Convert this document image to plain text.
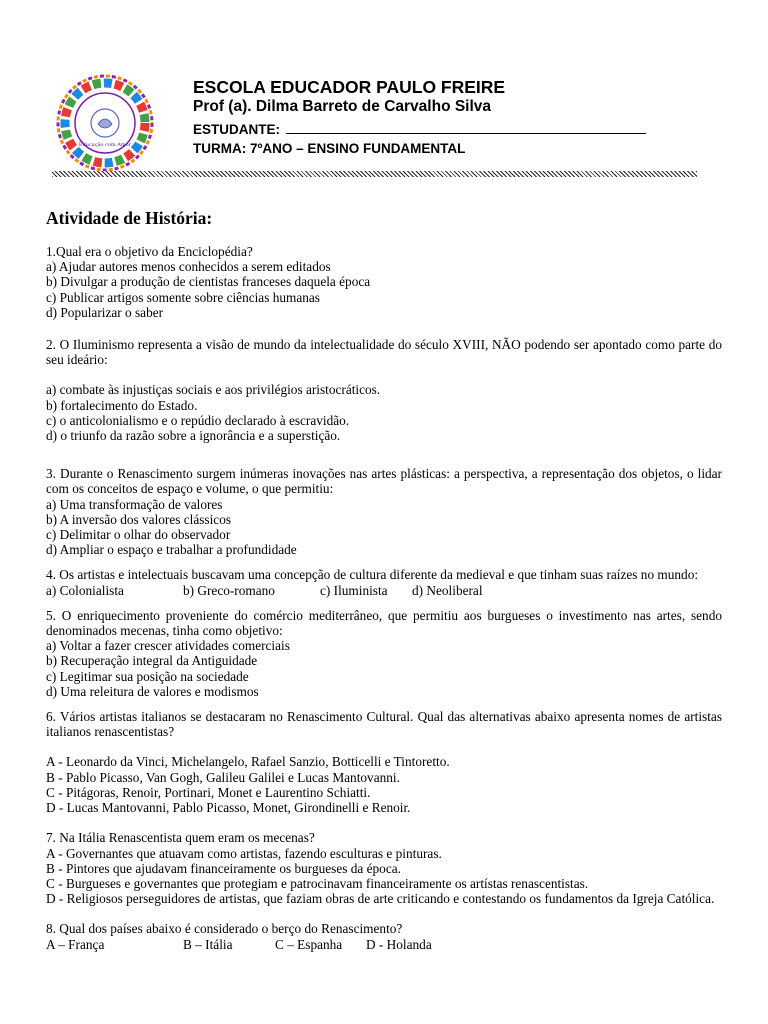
Educação com Amor
ESCOLA EDUCADOR PAULO FREIRE
Prof (a). Dilma Barreto de Carvalho Silva
ESTUDANTE:
TURMA: 7ºANO – ENSINO FUNDAMENTAL
Atividade de História:

1.Qual era o objetivo da Enciclopédia?

a) Ajudar autores menos conhecidos a serem editados

b) Divulgar a produção de cientistas franceses daquela época

c) Publicar artigos somente sobre ciências humanas

d) Popularizar o saber

2. O Iluminismo representa a visão de mundo da intelectualidade do século XVIII, NÃO podendo ser apontado como parte do seu ideário:

a) combate às injustiças sociais e aos privilégios aristocráticos.

b) fortalecimento do Estado.

c) o anticolonialismo e o repúdio declarado à escravidão.

d) o triunfo da razão sobre a ignorância e a superstição.

3. Durante o Renascimento surgem inúmeras inovações nas artes plásticas: a perspectiva, a representação dos objetos, o lidar com os conceitos de espaço e volume, o que permitiu:

a) Uma transformação de valores

b) A inversão dos valores clássicos

c) Delimitar o olhar do observador

d) Ampliar o espaço e trabalhar a profundidade

4. Os artistas e intelectuais buscavam uma concepção de cultura diferente da medieval e que tinham suas raízes no mundo:

a) Colonialista	b) Greco-romano	c) Iluminista	d) Neoliberal

5. O enriquecimento proveniente do comércio mediterrâneo, que permitiu aos burgueses o investimento nas artes, sendo denominados mecenas, tinha como objetivo:

a) Voltar a fazer crescer atividades comerciais

b) Recuperação integral da Antiguidade

c) Legitimar sua posição na sociedade

d) Uma releitura de valores e modismos

6. Vários artistas italianos se destacaram no Renascimento Cultural. Qual das alternativas abaixo apresenta nomes de artistas italianos renascentistas?

A - Leonardo da Vinci, Michelangelo, Rafael Sanzio, Botticelli e Tintoretto.

B - Pablo Picasso, Van Gogh, Galileu Galilei e Lucas Mantovanni.

C - Pitágoras, Renoir, Portinari, Monet e Laurentino Schiatti.

D - Lucas Mantovanni, Pablo Picasso, Monet, Girondinelli e Renoir.

7. Na Itália Renascentista quem eram os mecenas?

A - Governantes que atuavam como artistas, fazendo esculturas e pinturas.

B - Pintores que ajudavam financeiramente os burgueses da época.

C - Burgueses e governantes que protegiam e patrocinavam financeiramente os artístas renascentistas.

D - Religiosos perseguidores de artistas, que faziam obras de arte criticando e contestando os fundamentos da Igreja Católica.

8. Qual dos países abaixo é considerado o berço do Renascimento?

A – França	B – Itália	C – Espanha	D - Holanda
